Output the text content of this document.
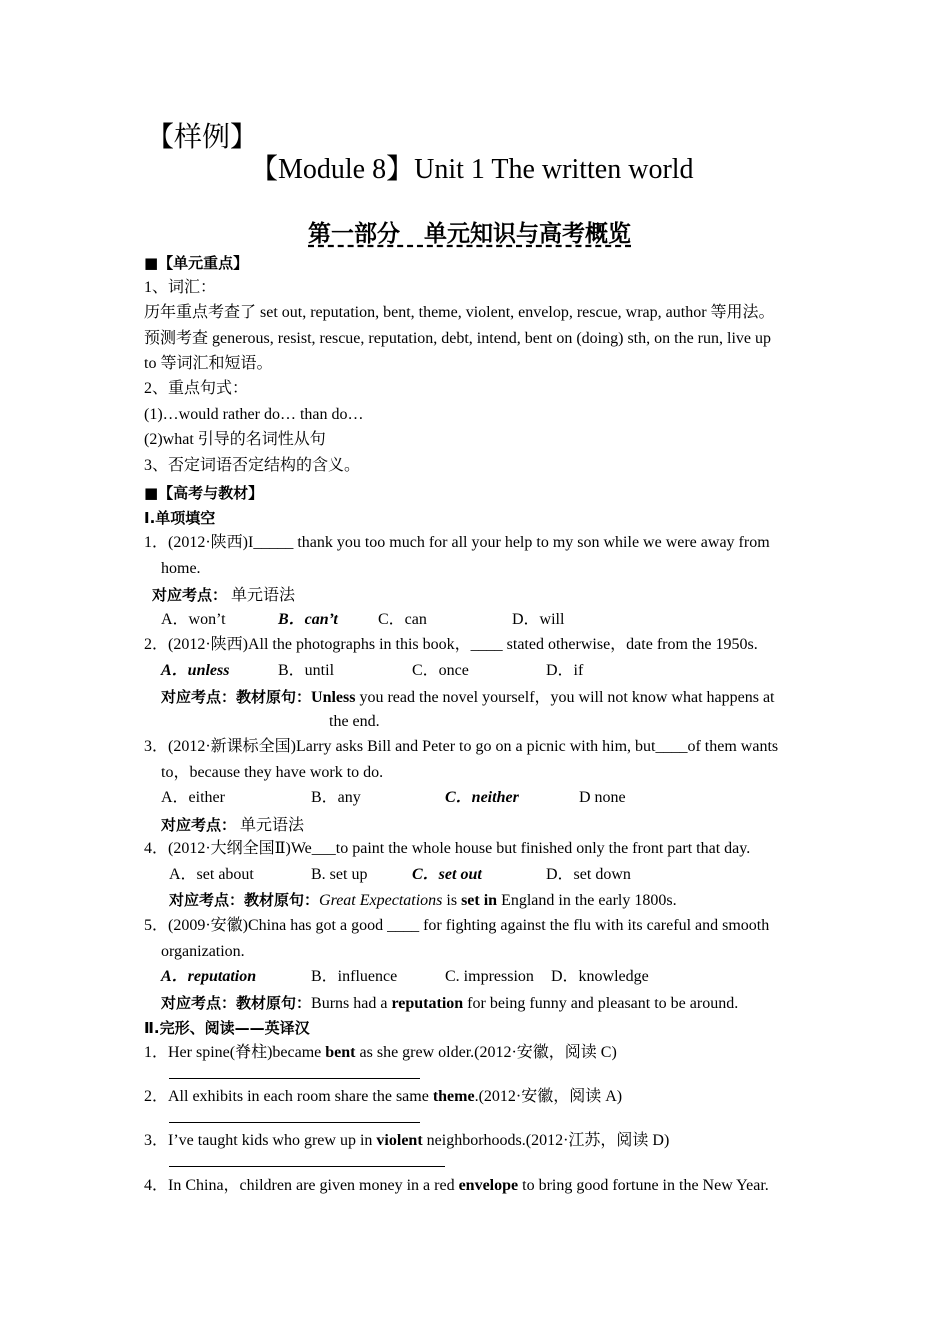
【样例】
【Module 8】Unit 1 The written world
第一部分   单元知识与高考概览
■【单元重点】
1、词汇：
历年重点考查了 set out, reputation, bent, theme, violent, envelop, rescue, wrap, author 等用法。
预测考查 generous, resist, rescue, reputation, debt, intend, bent on (doing) sth, on the run, live up
to 等词汇和短语。
2、重点句式：
(1)…would rather do… than do…
(2)what 引导的名词性从句
3、否定词语否定结构的含义。
■【高考与教材】
Ⅰ.单项填空
1．(2012·陕西)I_____ thank you too much for all your help to my son while we were away from
home.
对应考点： 单元语法
A．won’t	B．can’t	C．can	D．will
2．(2012·陕西)All the photographs in this book，____ stated otherwise，date from the 1950s.
A．unless	B．until	C．once	D．if
对应考点：教材原句：Unless you read the novel yourself，you will not know what happens at
the end.
3．(2012·新课标全国)Larry asks Bill and Peter to go on a picnic with him, but____of them wants
to，because they have work to do.
A．either	B．any	C．neither	D none
对应考点： 单元语法
4．(2012·大纲全国Ⅱ)We___to paint the whole house but finished only the front part that day.
A．set about	B. set up	C．set out	D．set down
对应考点：教材原句：Great Expectations is set in England in the early 1800s.
5．(2009·安徽)China has got a good ____ for fighting against the flu with its careful and smooth
organization.
A．reputation	B．influence	C. impression D．knowledge
对应考点：教材原句：Burns had a reputation for being funny and pleasant to be around.
Ⅱ.完形、阅读——英译汉
1．Her spine(脊柱)became bent as she grew older.(2012·安徽，阅读 C)
2．All exhibits in each room share the same theme.(2012·安徽，阅读 A)
3．I’ve taught kids who grew up in violent neighborhoods.(2012·江苏，阅读 D)
4．In China，children are given money in a red envelope to bring good fortune in the New Year.
